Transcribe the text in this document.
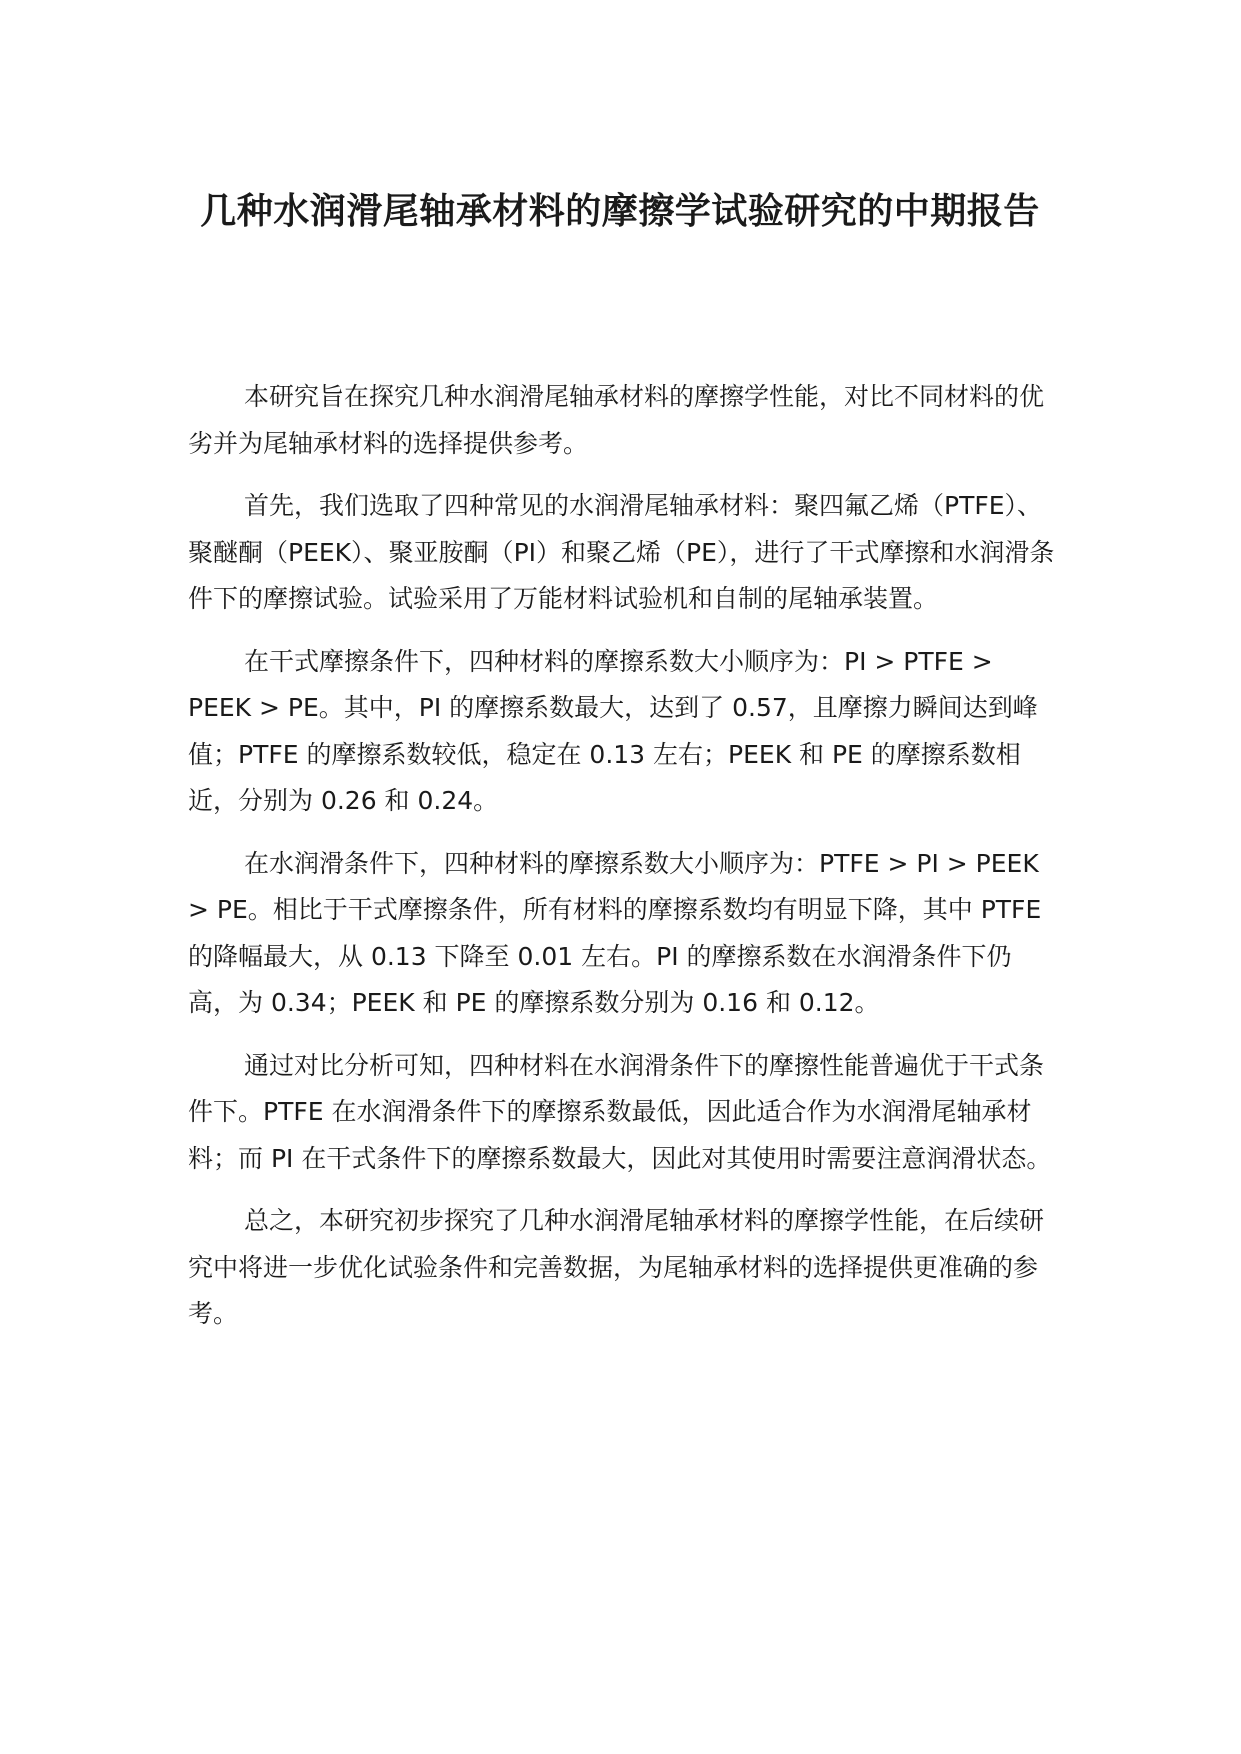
几种水润滑尾轴承材料的摩擦学试验研究的中期报告

本研究旨在探究几种水润滑尾轴承材料的摩擦学性能，对比不同材料的优劣并为尾轴承材料的选择提供参考。

首先，我们选取了四种常见的水润滑尾轴承材料：聚四氟乙烯（PTFE）、聚醚酮（PEEK）、聚亚胺酮（PI）和聚乙烯（PE），进行了干式摩擦和水润滑条件下的摩擦试验。试验采用了万能材料试验机和自制的尾轴承装置。

在干式摩擦条件下，四种材料的摩擦系数大小顺序为：PI > PTFE > PEEK > PE。其中，PI 的摩擦系数最大，达到了 0.57，且摩擦力瞬间达到峰值；PTFE 的摩擦系数较低，稳定在 0.13 左右；PEEK 和 PE 的摩擦系数相近，分别为 0.26 和 0.24。

在水润滑条件下，四种材料的摩擦系数大小顺序为：PTFE > PI > PEEK > PE。相比于干式摩擦条件，所有材料的摩擦系数均有明显下降，其中 PTFE 的降幅最大，从 0.13 下降至 0.01 左右。PI 的摩擦系数在水润滑条件下仍高，为 0.34；PEEK 和 PE 的摩擦系数分别为 0.16 和 0.12。

通过对比分析可知，四种材料在水润滑条件下的摩擦性能普遍优于干式条件下。PTFE 在水润滑条件下的摩擦系数最低，因此适合作为水润滑尾轴承材料；而 PI 在干式条件下的摩擦系数最大，因此对其使用时需要注意润滑状态。

总之，本研究初步探究了几种水润滑尾轴承材料的摩擦学性能，在后续研究中将进一步优化试验条件和完善数据，为尾轴承材料的选择提供更准确的参考。
